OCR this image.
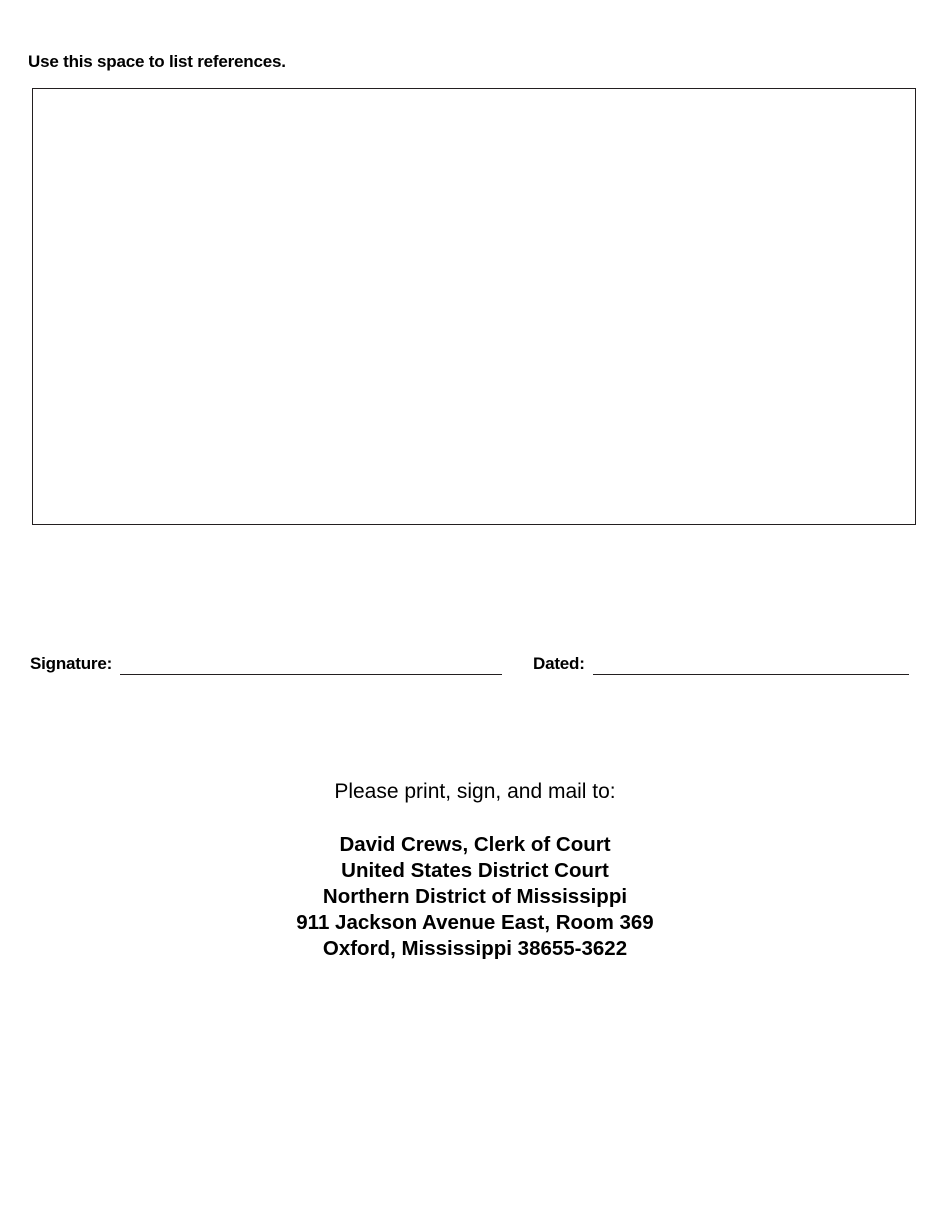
Use this space to list references.
Signature:	Dated:
Please print, sign, and mail to:
David Crews, Clerk of Court
United States District Court
Northern District of Mississippi
911 Jackson Avenue East, Room 369
Oxford, Mississippi 38655-3622
